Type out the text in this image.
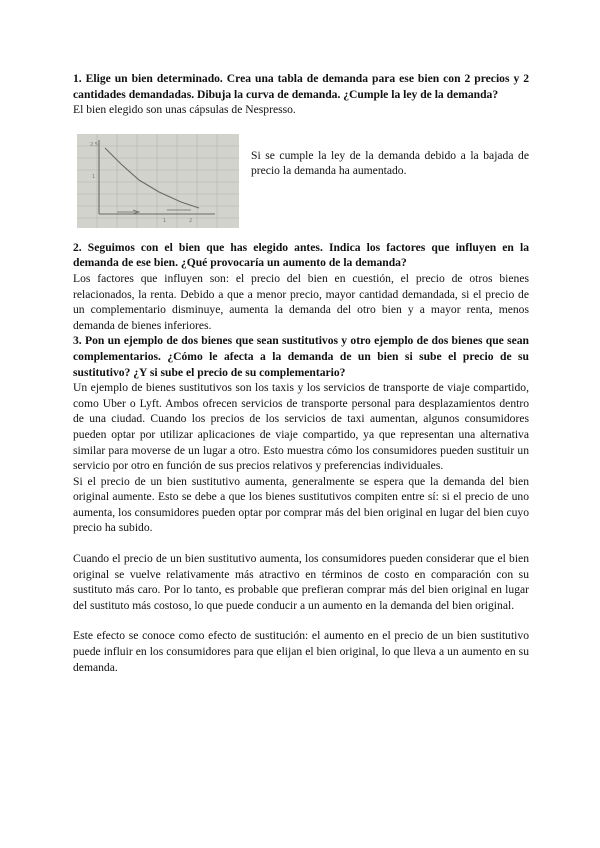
1. Elige un bien determinado. Crea una tabla de demanda para ese bien con 2 precios y 2 cantidades demandadas. Dibuja la curva de demanda. ¿Cumple la ley de la demanda?

El bien elegido son unas cápsulas de Nespresso.

2,5
1
1	2

Si se cumple la ley de la demanda debido a la bajada de precio la demanda ha aumentado.

2. Seguimos con el bien que has elegido antes. Indica los factores que influyen en la demanda de ese bien. ¿Qué provocaría un aumento de la demanda?

Los factores que influyen son: el precio del bien en cuestión, el precio de otros bienes relacionados, la renta. Debido a que a menor precio, mayor cantidad demandada, si el precio de un complementario disminuye, aumenta la demanda del otro bien y a mayor renta, menos demanda de bienes inferiores.

3. Pon un ejemplo de dos bienes que sean sustitutivos y otro ejemplo de dos bienes que sean complementarios. ¿Cómo le afecta a la demanda de un bien si sube el precio de su sustitutivo? ¿Y si sube el precio de su complementario?

Un ejemplo de bienes sustitutivos son los taxis y los servicios de transporte de viaje compartido, como Uber o Lyft. Ambos ofrecen servicios de transporte personal para desplazamientos dentro de una ciudad. Cuando los precios de los servicios de taxi aumentan, algunos consumidores pueden optar por utilizar aplicaciones de viaje compartido, ya que representan una alternativa similar para moverse de un lugar a otro. Esto muestra cómo los consumidores pueden sustituir un servicio por otro en función de sus precios relativos y preferencias individuales.

Si el precio de un bien sustitutivo aumenta, generalmente se espera que la demanda del bien original aumente. Esto se debe a que los bienes sustitutivos compiten entre sí: si el precio de uno aumenta, los consumidores pueden optar por comprar más del bien original en lugar del bien cuyo precio ha subido.

Cuando el precio de un bien sustitutivo aumenta, los consumidores pueden considerar que el bien original se vuelve relativamente más atractivo en términos de costo en comparación con su sustituto más caro. Por lo tanto, es probable que prefieran comprar más del bien original en lugar del sustituto más costoso, lo que puede conducir a un aumento en la demanda del bien original.

Este efecto se conoce como efecto de sustitución: el aumento en el precio de un bien sustitutivo puede influir en los consumidores para que elijan el bien original, lo que lleva a un aumento en su demanda.
